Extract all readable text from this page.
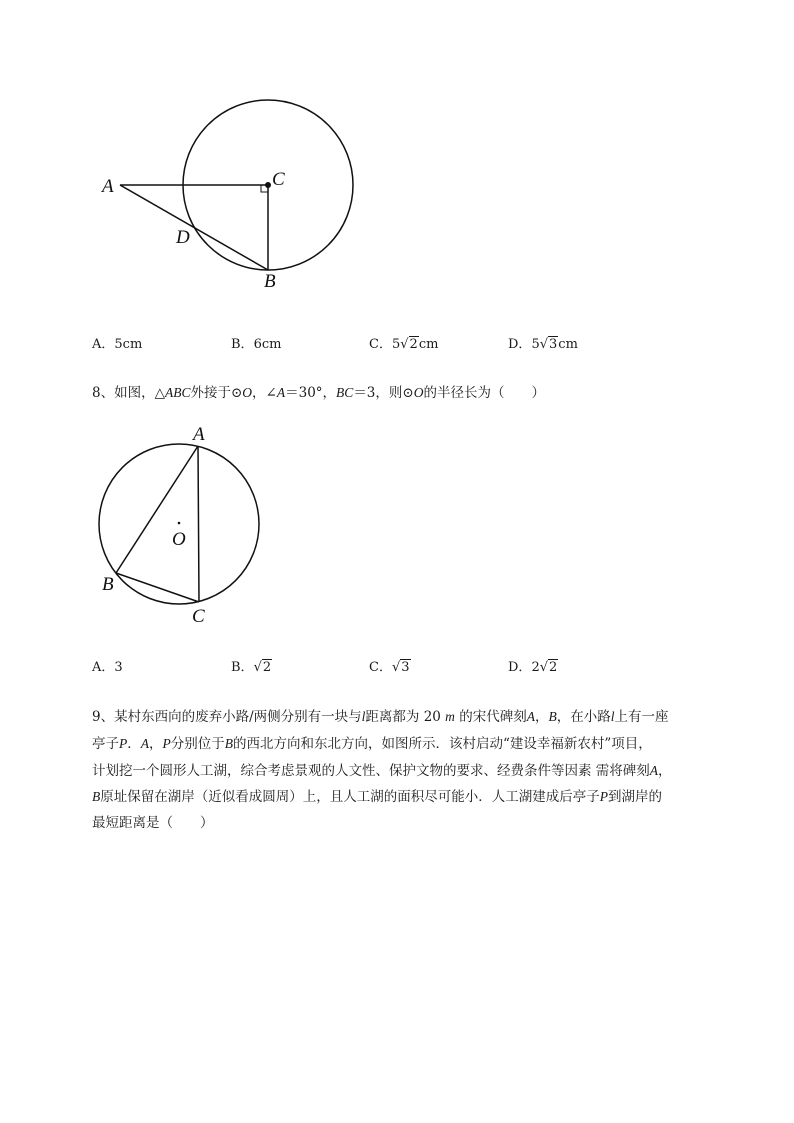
A	C
D
B
A．5cm	B．6cm	C．5√2cm	D．5√3cm
8、如图，△ABC外接于⊙O，∠A＝30°，BC＝3，则⊙O的半径长为（　　）
A
O
B
C
A．3	B．√2	C．√3	D．2√2
9、某村东西向的废弃小路/两侧分别有一块与l距离都为 20 m 的宋代碑刻A，B，在小路l上有一座
亭子P．A，P分别位于B的西北方向和东北方向，如图所示．该村启动“建设幸福新农村”项目，
计划挖一个圆形人工湖，综合考虑景观的人文性、保护文物的要求、经费条件等因素 需将碑刻A，
B原址保留在湖岸（近似看成圆周）上，且人工湖的面积尽可能小．人工湖建成后亭子P到湖岸的
最短距离是（　　）
